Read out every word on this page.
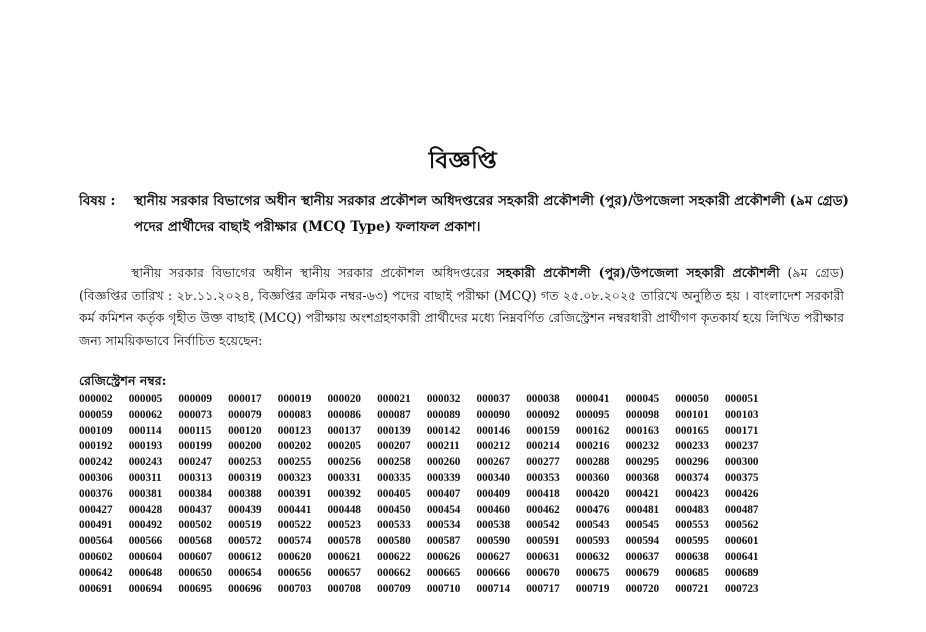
বিজ্ঞপ্তি
বিষয় : স্থানীয় সরকার বিভাগের অধীন স্থানীয় সরকার প্রকৌশল অধিদপ্তরের সহকারী প্রকৌশলী (পুর)/উপজেলা সহকারী প্রকৌশলী (৯ম গ্রেড) পদের প্রার্থীদের বাছাই পরীক্ষার (MCQ Type) ফলাফল প্রকাশ।
স্থানীয় সরকার বিভাগের অধীন স্থানীয় সরকার প্রকৌশল অধিদপ্তরের সহকারী প্রকৌশলী (পুর)/উপজেলা সহকারী প্রকৌশলী (৯ম গ্রেড) (বিজ্ঞপ্তির তারিখ : ২৮.১১.২০২৪, বিজ্ঞপ্তির ক্রমিক নম্বর-৬৩) পদের বাছাই পরীক্ষা (MCQ) গত ২৫.০৮.২০২৫ তারিখে অনুষ্ঠিত হয় । বাংলাদেশ সরকারী কর্ম কমিশন কর্তৃক গৃহীত উক্ত বাছাই (MCQ) পরীক্ষায় অংশগ্রহণকারী প্রার্থীদের মধ্যে নিম্নবর্ণিত রেজিস্ট্রেশন নম্বরধারী প্রার্থীগণ কৃতকার্য হয়ে লিখিত পরীক্ষার জন্য সাময়িকভাবে নির্বাচিত হয়েছেন:
রেজিস্ট্রেশন নম্বর:
000002	000005	000009	000017	000019	000020	000021	000032	000037	000038	000041	000045	000050	000051
000059	000062	000073	000079	000083	000086	000087	000089	000090	000092	000095	000098	000101	000103
000109	000114	000115	000120	000123	000137	000139	000142	000146	000159	000162	000163	000165	000171
000192	000193	000199	000200	000202	000205	000207	000211	000212	000214	000216	000232	000233	000237
000242	000243	000247	000253	000255	000256	000258	000260	000267	000277	000288	000295	000296	000300
000306	000311	000313	000319	000323	000331	000335	000339	000340	000353	000360	000368	000374	000375
000376	000381	000384	000388	000391	000392	000405	000407	000409	000418	000420	000421	000423	000426
000427	000428	000437	000439	000441	000448	000450	000454	000460	000462	000476	000481	000483	000487
000491	000492	000502	000519	000522	000523	000533	000534	000538	000542	000543	000545	000553	000562
000564	000566	000568	000572	000574	000578	000580	000587	000590	000591	000593	000594	000595	000601
000602	000604	000607	000612	000620	000621	000622	000626	000627	000631	000632	000637	000638	000641
000642	000648	000650	000654	000656	000657	000662	000665	000666	000670	000675	000679	000685	000689
000691	000694	000695	000696	000703	000708	000709	000710	000714	000717	000719	000720	000721	000723
